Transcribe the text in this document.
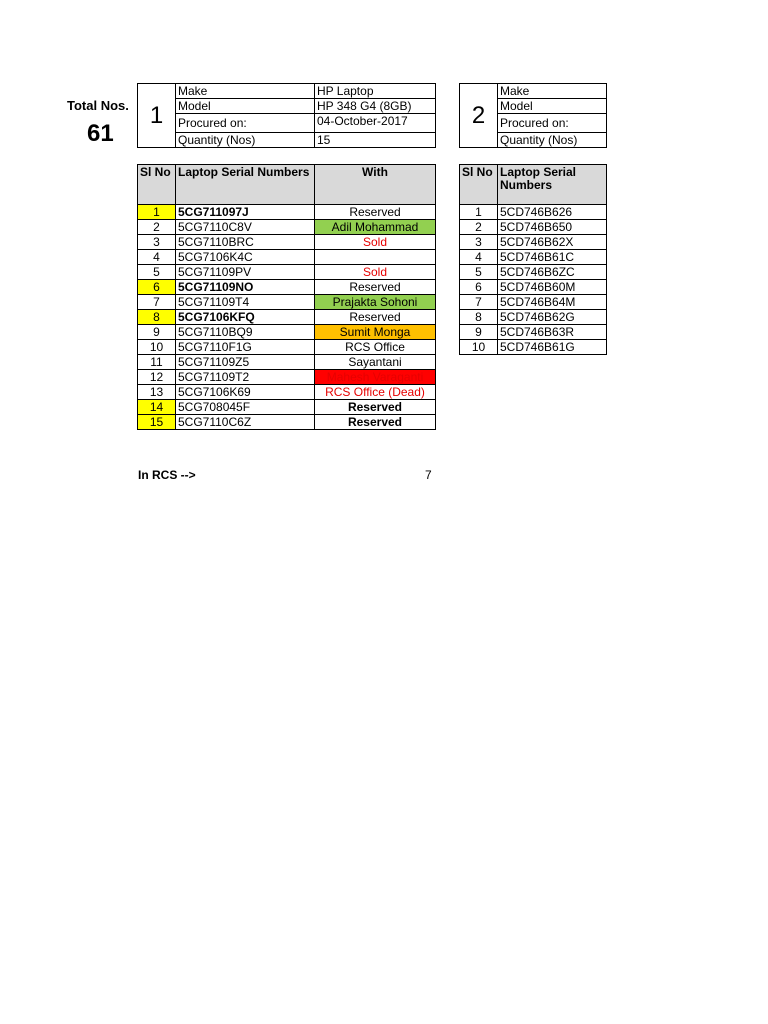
Total Nos.
61
1	Make	HP Laptop
	Model	HP 348 G4 (8GB)
	Procured on:	04-October-2017
	Quantity (Nos)	15
2	Make
Model
Procured on:
Quantity (Nos)
Sl No	Laptop Serial Numbers	With
1	5CG711097J	Reserved
2	5CG7110C8V	Adil Mohammad
3	5CG7110BRC	Sold
4	5CG7106K4C	
5	5CG71109PV	Sold
6	5CG71109NO	Reserved
7	5CG71109T4	Prajakta Sohoni
8	5CG7106KFQ	Reserved
9	5CG7110BQ9	Sumit Monga
10	5CG7110F1G	RCS Office
11	5CG71109Z5	Sayantani
12	5CG71109T2	Mahesh Varaganti
13	5CG7106K69	RCS Office (Dead)
14	5CG708045F	Reserved
15	5CG7110C6Z	Reserved
Sl No	Laptop Serial Numbers
1	5CD746B626
2	5CD746B650
3	5CD746B62X
4	5CD746B61C
5	5CD746B6ZC
6	5CD746B60M
7	5CD746B64M
8	5CD746B62G
9	5CD746B63R
10	5CD746B61G
In RCS -->	7
